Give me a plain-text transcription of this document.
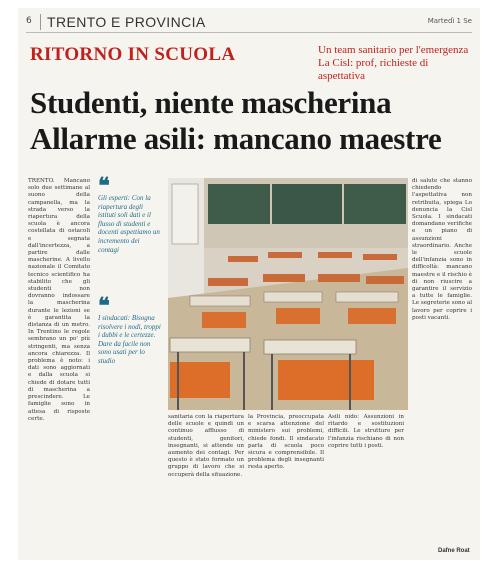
6	TRENTO E PROVINCIA	Martedì 1 Se
RITORNO IN SCUOLA	Un team sanitario per l'emergenza La Cisl: prof, richieste di aspettativa
Studenti, niente mascherina
Allarme asili: mancano maestre
TRENTO. Mancano solo due settimane al suono della campanella, ma la strada verso la riapertura della scuola è ancora costellata di ostacoli e segnata dall'incertezza, a partire dalle mascherine. A livello nazionale il Comitato tecnico scientifico ha stabilito che gli studenti non dovranno indossare la mascherina durante le lezioni se è garantita la distanza di un metro. In Trentino le regole sembrano un po' più stringenti, ma senza ancora chiarezza. Il problema è noto: i dati sono aggiornati e dalla scuola si chiede di dotare tutti di mascherina a prescindere. Le famiglie sono in attesa di risposte certe.
❝
Gli esperti: Con la riapertura degli istituti soli dati e il flusso di studenti e docenti aspettiamo un incremento dei contagi
❝
I sindacati: Bisogna risolvere i nodi, troppi i dubbi e le certezze. Dare da facile non sono usati per lo studio
di salute che stanno chiedendo l'aspettativa non retribuita, spiega Lo denuncia la Cisl Scuola. I sindacati domandano verifiche e un piano di assunzioni straordinario. Anche le scuole dell'infanzia sono in difficoltà: mancano maestre e il rischio è di non riuscire a garantire il servizio a tutte le famiglie. Le segreterie sono al lavoro per coprire i posti vacanti.
sanitaria con la riapertura delle scuole e quindi un continuo afflusso di studenti, genitori, insegnanti, si attende un aumento dei contagi. Per questo è stato formato un gruppo di lavoro che si occuperà della situazione.
la Provincia, preoccupata e scarsa attenzione del ministero sui problemi, chiede fondi. Il sindacato parla di scuola poco sicura e comprensibile. Il problema degli insegnanti resta aperto.
Asili nido: Assunzioni in ritardo e sostituzioni difficili. Le strutture per l'infanzia rischiano di non coprire tutti i posti.
Dafne Roat
